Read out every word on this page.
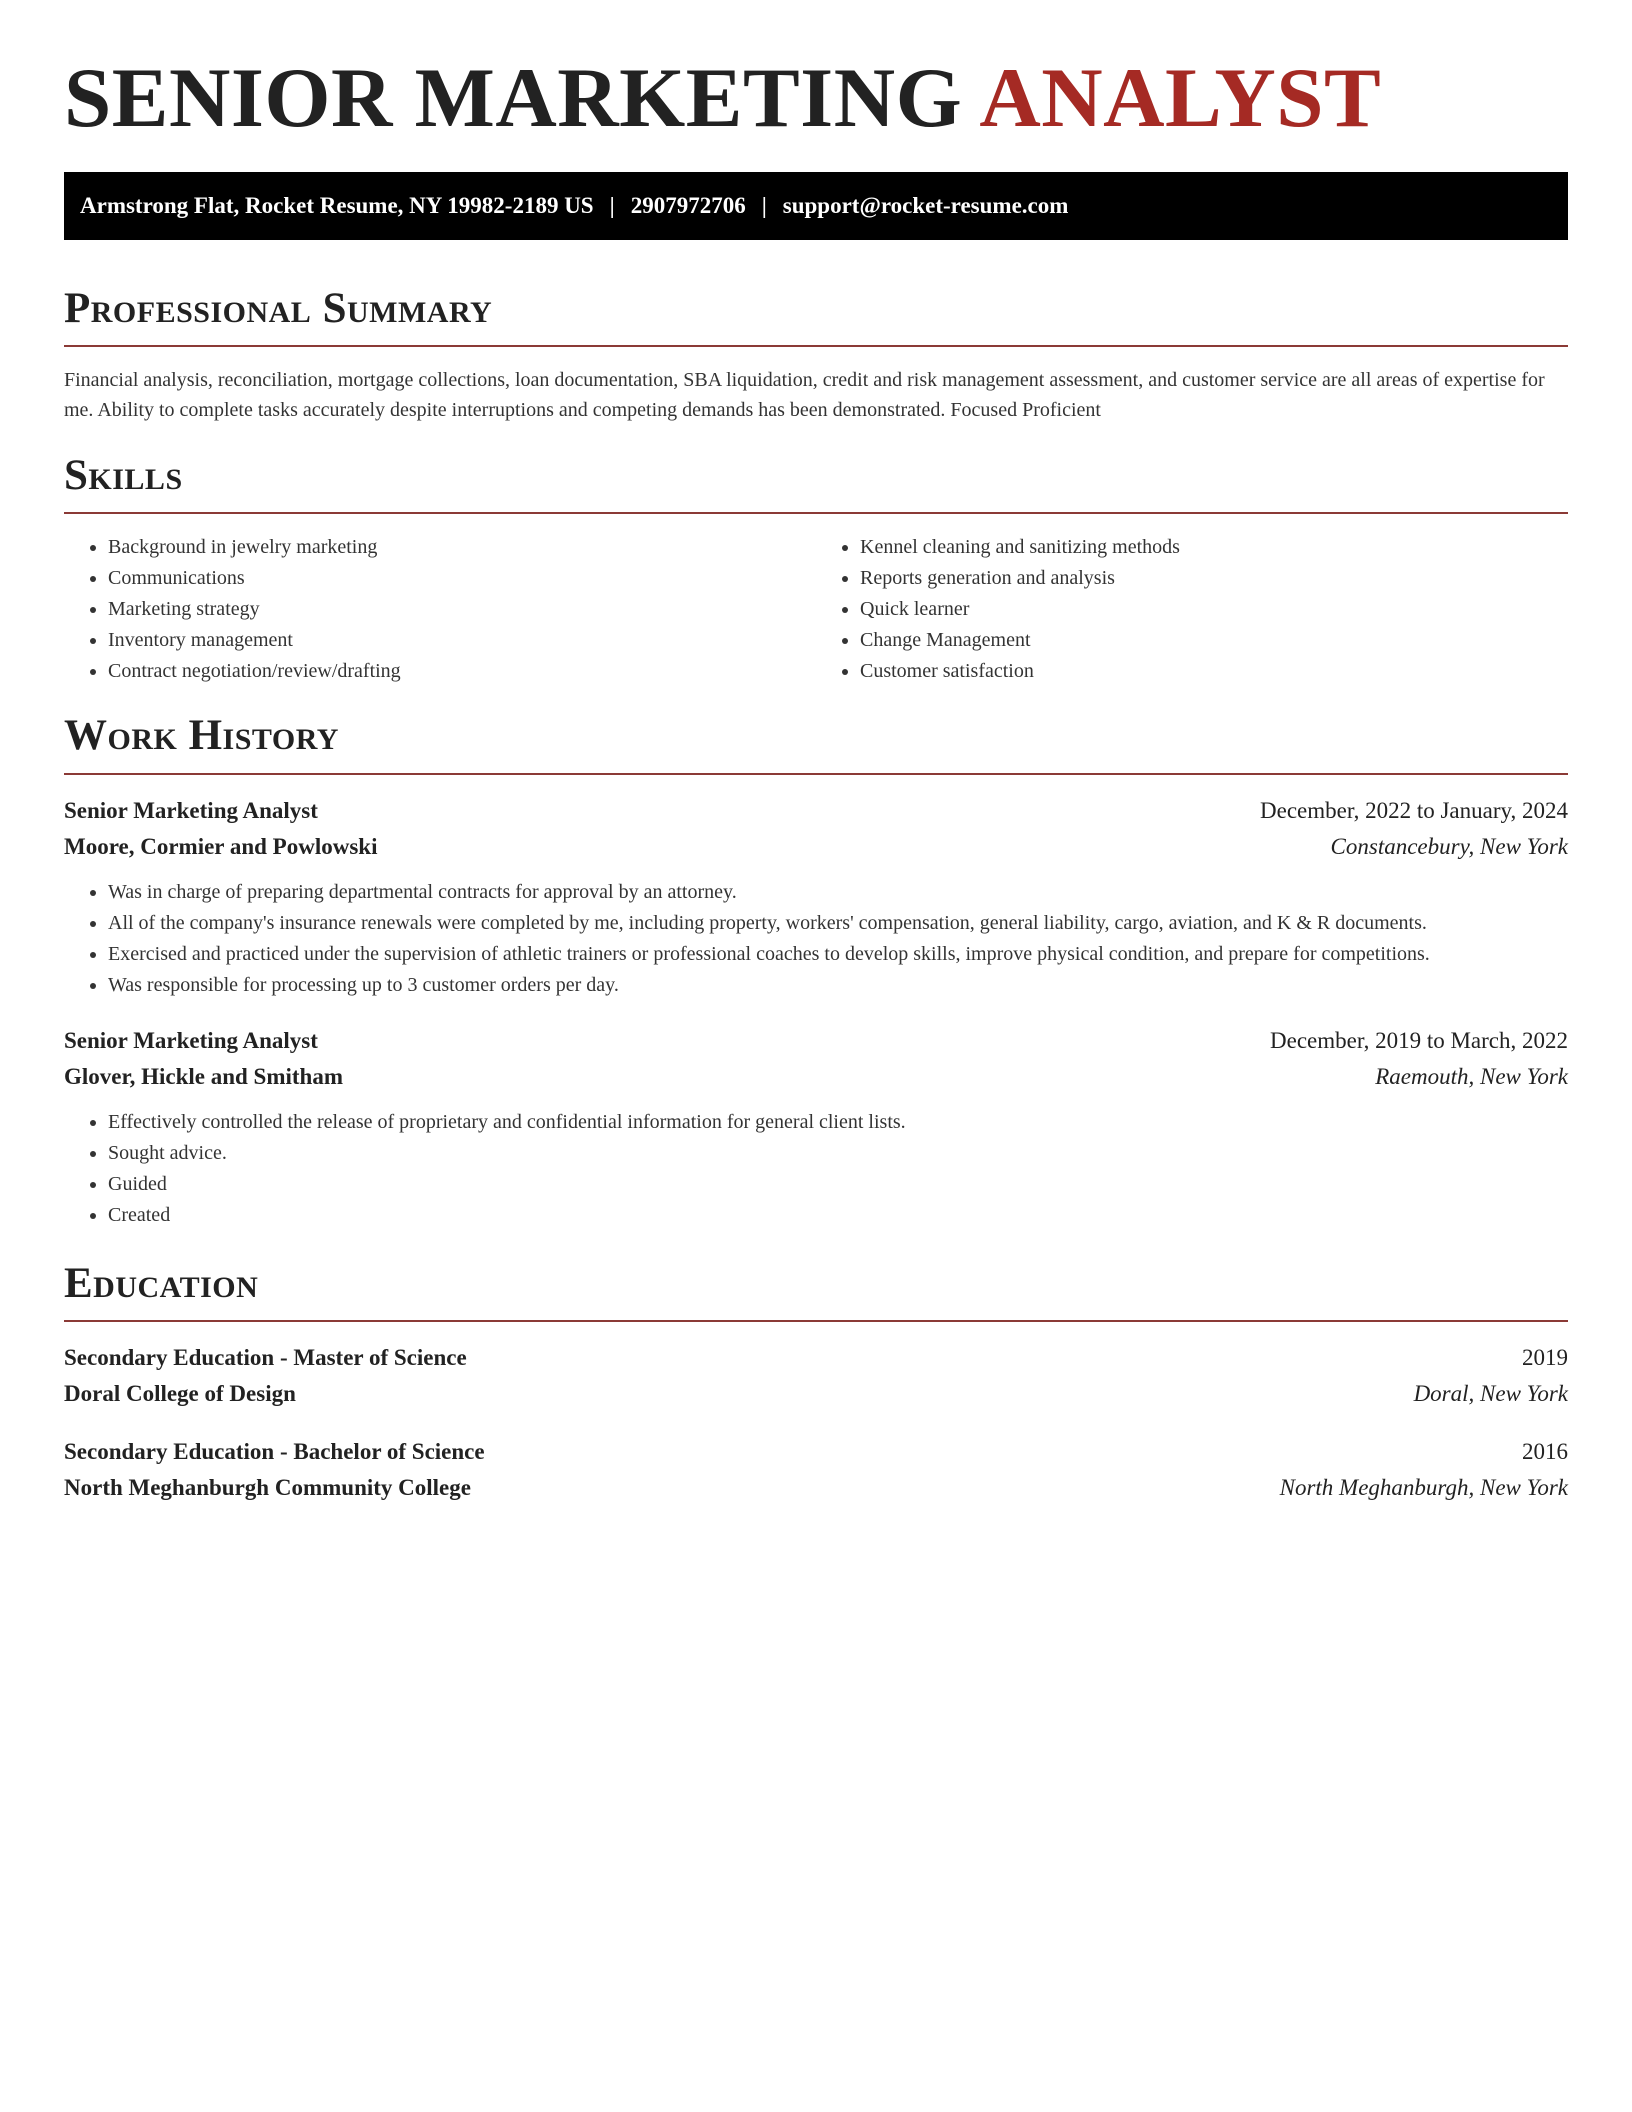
SENIOR MARKETING ANALYST
Armstrong Flat, Rocket Resume, NY 19982-2189 US | 2907972706 | support@rocket-resume.com
Professional Summary

Financial analysis, reconciliation, mortgage collections, loan documentation, SBA liquidation, credit and risk management assessment, and customer service are all areas of expertise for me. Ability to complete tasks accurately despite interruptions and competing demands has been demonstrated. Focused Proficient

Skills
• Background in jewelry marketing
• Communications
• Marketing strategy
• Inventory management
• Contract negotiation/review/drafting
• Kennel cleaning and sanitizing methods
• Reports generation and analysis
• Quick learner
• Change Management
• Customer satisfaction
Work History
Senior Marketing Analyst	December, 2022 to January, 2024
Moore, Cormier and Powlowski	Constancebury, New York
• Was in charge of preparing departmental contracts for approval by an attorney.
• All of the company's insurance renewals were completed by me, including property, workers' compensation, general liability, cargo, aviation, and K & R documents.
• Exercised and practiced under the supervision of athletic trainers or professional coaches to develop skills, improve physical condition, and prepare for competitions.
• Was responsible for processing up to 3 customer orders per day.
Senior Marketing Analyst	December, 2019 to March, 2022
Glover, Hickle and Smitham	Raemouth, New York
• Effectively controlled the release of proprietary and confidential information for general client lists.
• Sought advice.
• Guided
• Created
Education
Secondary Education - Master of Science	2019
Doral College of Design	Doral, New York
Secondary Education - Bachelor of Science	2016
North Meghanburgh Community College	North Meghanburgh, New York
